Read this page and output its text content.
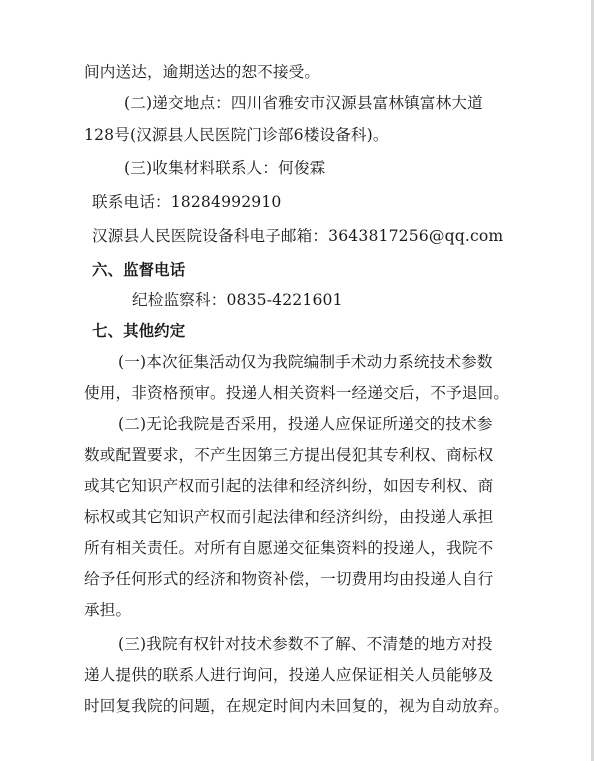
间内送达，逾期送达的恕不接受。
(二)递交地点：四川省雅安市汉源县富林镇富林大道
128号(汉源县人民医院门诊部6楼设备科)。
(三)收集材料联系人：何俊霖
联系电话：18284992910
汉源县人民医院设备科电子邮箱：3643817256@qq.com
六、监督电话
纪检监察科：0835-4221601
七、其他约定
(一)本次征集活动仅为我院编制手术动力系统技术参数
使用，非资格预审。投递人相关资料一经递交后，不予退回。
(二)无论我院是否采用，投递人应保证所递交的技术参
数或配置要求，不产生因第三方提出侵犯其专利权、商标权
或其它知识产权而引起的法律和经济纠纷，如因专利权、商
标权或其它知识产权而引起法律和经济纠纷，由投递人承担
所有相关责任。对所有自愿递交征集资料的投递人，我院不
给予任何形式的经济和物资补偿，一切费用均由投递人自行
承担。
(三)我院有权针对技术参数不了解、不清楚的地方对投
递人提供的联系人进行询问，投递人应保证相关人员能够及
时回复我院的问题，在规定时间内未回复的，视为自动放弃。
